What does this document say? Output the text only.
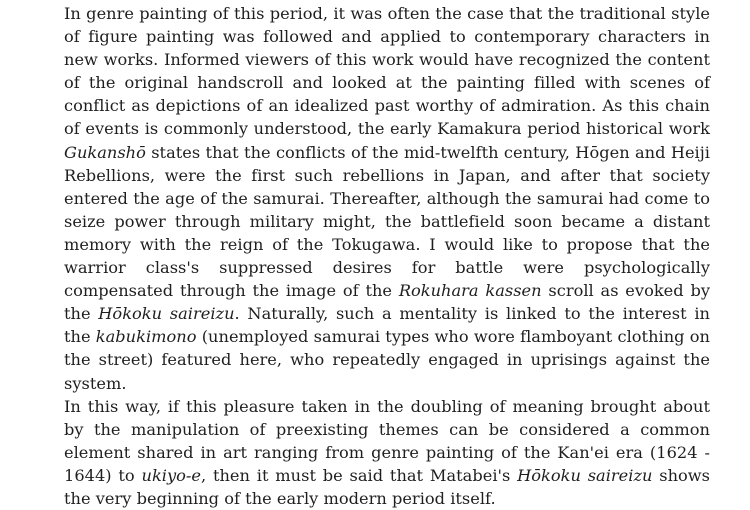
In genre painting of this period, it was often the case that the traditional style of figure painting was followed and applied to contemporary characters in new works. Informed viewers of this work would have recognized the content of the original handscroll and looked at the painting filled with scenes of conflict as depictions of an idealized past worthy of admiration. As this chain of events is commonly understood, the early Kamakura period historical work Gukanshō states that the conflicts of the mid-twelfth century, Hōgen and Heiji Rebellions, were the first such rebellions in Japan, and after that society entered the age of the samurai. Thereafter, although the samurai had come to seize power through military might, the battlefield soon became a distant memory with the reign of the Tokugawa. I would like to propose that the warrior class's suppressed desires for battle were psychologically compensated through the image of the Rokuhara kassen scroll as evoked by the Hōkoku saireizu. Naturally, such a mentality is linked to the interest in the kabukimono (unemployed samurai types who wore flamboyant clothing on the street) featured here, who repeatedly engaged in uprisings against the system.

In this way, if this pleasure taken in the doubling of meaning brought about by the manipulation of preexisting themes can be considered a common element shared in art ranging from genre painting of the Kan'ei era (1624 - 1644) to ukiyo-e, then it must be said that Matabei's Hōkoku saireizu shows the very beginning of the early modern period itself.
